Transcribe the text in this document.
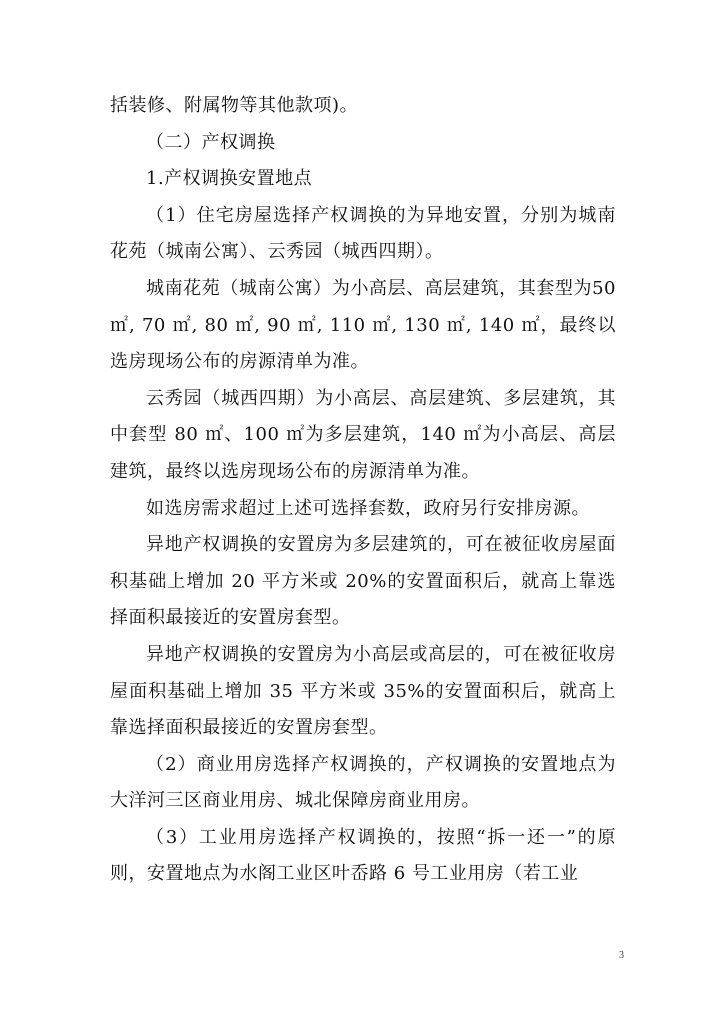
括装修、附属物等其他款项)。

（二）产权调换

1.产权调换安置地点

（1）住宅房屋选择产权调换的为异地安置，分别为城南花苑（城南公寓）、云秀园（城西四期）。

城南花苑（城南公寓）为小高层、高层建筑，其套型为50 ㎡, 70 ㎡, 80 ㎡, 90 ㎡, 110 ㎡, 130 ㎡, 140 ㎡，最终以选房现场公布的房源清单为准。

云秀园（城西四期）为小高层、高层建筑、多层建筑，其中套型 80 ㎡、100 ㎡为多层建筑，140 ㎡为小高层、高层建筑，最终以选房现场公布的房源清单为准。

如选房需求超过上述可选择套数，政府另行安排房源。

异地产权调换的安置房为多层建筑的，可在被征收房屋面积基础上增加 20 平方米或 20%的安置面积后，就高上靠选择面积最接近的安置房套型。

异地产权调换的安置房为小高层或高层的，可在被征收房屋面积基础上增加 35 平方米或 35%的安置面积后，就高上靠选择面积最接近的安置房套型。

（2）商业用房选择产权调换的，产权调换的安置地点为大洋河三区商业用房、城北保障房商业用房。

（3）工业用房选择产权调换的，按照“拆一还一”的原则，安置地点为水阁工业区叶岙路 6 号工业用房（若工业

3
